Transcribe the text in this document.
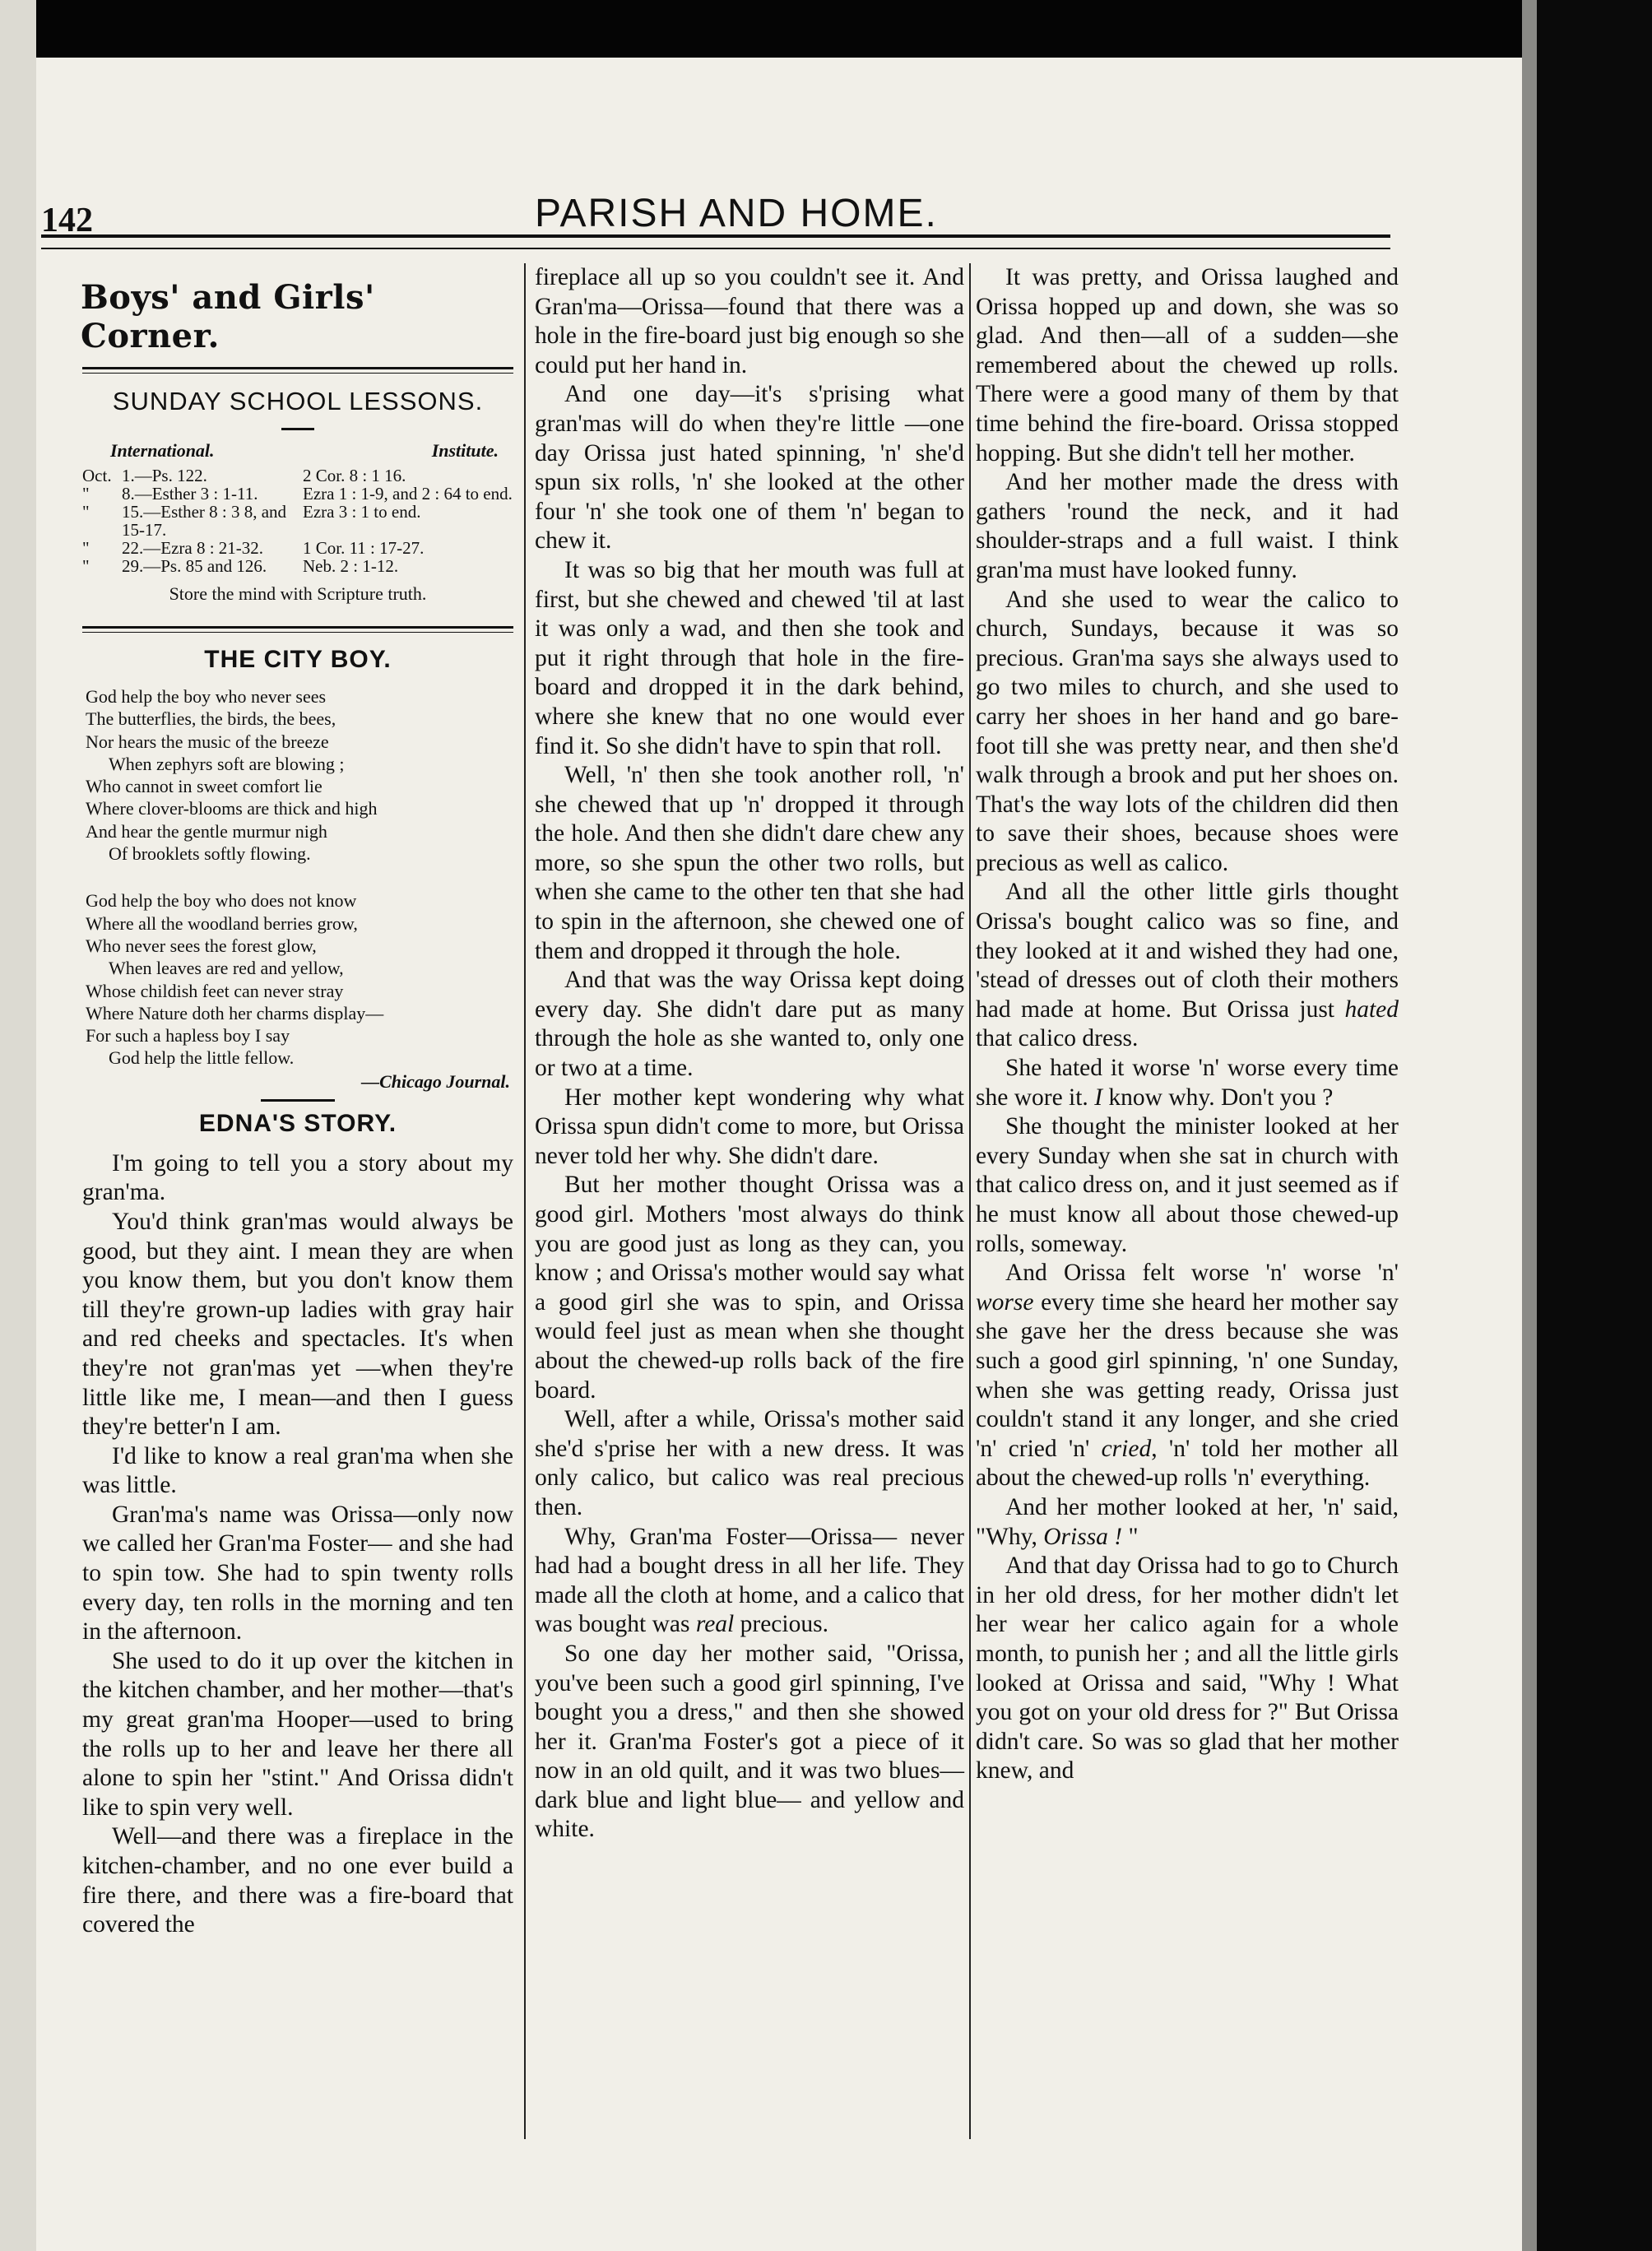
142	PARISH AND HOME.
Boys' and Girls' Corner.
SUNDAY SCHOOL LESSONS.
International.	Institute.
Oct.	1.—Ps. 122.	2 Cor. 8 : 1 16.
"	8.—Esther 3 : 1-11.	Ezra 1 : 1-9, and 2 : 64 to end.
"	15.—Esther 8 : 3 8, and 15-17.	Ezra 3 : 1 to end.
"	22.—Ezra 8 : 21-32.	1 Cor. 11 : 17-27.
"	29.—Ps. 85 and 126.	Neb. 2 : 1-12.
Store the mind with Scripture truth.
THE CITY BOY.
God help the boy who never sees
The butterflies, the birds, the bees,
Nor hears the music of the breeze
When zephyrs soft are blowing ;
Who cannot in sweet comfort lie
Where clover-blooms are thick and high
And hear the gentle murmur nigh
Of brooklets softly flowing.
God help the boy who does not know
Where all the woodland berries grow,
Who never sees the forest glow,
When leaves are red and yellow,
Whose childish feet can never stray
Where Nature doth her charms display—
For such a hapless boy I say
God help the little fellow.
—Chicago Journal.
EDNA'S STORY.

I'm going to tell you a story about my gran'ma.

You'd think gran'mas would always be good, but they aint. I mean they are when you know them, but you don't know them till they're grown-up ladies with gray hair and red cheeks and spectacles. It's when they're not gran'mas yet —when they're little like me, I mean—and then I guess they're better'n I am.

I'd like to know a real gran'ma when she was little.

Gran'ma's name was Orissa—only now we called her Gran'ma Foster— and she had to spin tow. She had to spin twenty rolls every day, ten rolls in the morning and ten in the afternoon.

She used to do it up over the kitchen in the kitchen chamber, and her mother—that's my great gran'ma Hooper—used to bring the rolls up to her and leave her there all alone to spin her "stint." And Orissa didn't like to spin very well.

Well—and there was a fireplace in the kitchen-chamber, and no one ever build a fire there, and there was a fire-board that covered the

fireplace all up so you couldn't see it. And Gran'ma—Orissa—found that there was a hole in the fire-board just big enough so she could put her hand in.

And one day—it's s'prising what gran'mas will do when they're little —one day Orissa just hated spinning, 'n' she'd spun six rolls, 'n' she looked at the other four 'n' she took one of them 'n' began to chew it.

It was so big that her mouth was full at first, but she chewed and chewed 'til at last it was only a wad, and then she took and put it right through that hole in the fire-board and dropped it in the dark behind, where she knew that no one would ever find it. So she didn't have to spin that roll.

Well, 'n' then she took another roll, 'n' she chewed that up 'n' dropped it through the hole. And then she didn't dare chew any more, so she spun the other two rolls, but when she came to the other ten that she had to spin in the afternoon, she chewed one of them and dropped it through the hole.

And that was the way Orissa kept doing every day. She didn't dare put as many through the hole as she wanted to, only one or two at a time.

Her mother kept wondering why what Orissa spun didn't come to more, but Orissa never told her why. She didn't dare.

But her mother thought Orissa was a good girl. Mothers 'most always do think you are good just as long as they can, you know ; and Orissa's mother would say what a good girl she was to spin, and Orissa would feel just as mean when she thought about the chewed-up rolls back of the fire board.

Well, after a while, Orissa's mother said she'd s'prise her with a new dress. It was only calico, but calico was real precious then.

Why, Gran'ma Foster—Orissa— never had had a bought dress in all her life. They made all the cloth at home, and a calico that was bought was real precious.

So one day her mother said, "Orissa, you've been such a good girl spinning, I've bought you a dress," and then she showed her it. Gran'ma Foster's got a piece of it now in an old quilt, and it was two blues—dark blue and light blue— and yellow and white.

It was pretty, and Orissa laughed and Orissa hopped up and down, she was so glad. And then—all of a sudden—she remembered about the chewed up rolls. There were a good many of them by that time behind the fire-board. Orissa stopped hopping. But she didn't tell her mother.

And her mother made the dress with gathers 'round the neck, and it had shoulder-straps and a full waist. I think gran'ma must have looked funny.

And she used to wear the calico to church, Sundays, because it was so precious. Gran'ma says she always used to go two miles to church, and she used to carry her shoes in her hand and go bare-foot till she was pretty near, and then she'd walk through a brook and put her shoes on. That's the way lots of the children did then to save their shoes, because shoes were precious as well as calico.

And all the other little girls thought Orissa's bought calico was so fine, and they looked at it and wished they had one, 'stead of dresses out of cloth their mothers had made at home. But Orissa just hated that calico dress.

She hated it worse 'n' worse every time she wore it. I know why. Don't you ?

She thought the minister looked at her every Sunday when she sat in church with that calico dress on, and it just seemed as if he must know all about those chewed-up rolls, someway.

And Orissa felt worse 'n' worse 'n' worse every time she heard her mother say she gave her the dress because she was such a good girl spinning, 'n' one Sunday, when she was getting ready, Orissa just couldn't stand it any longer, and she cried 'n' cried 'n' cried, 'n' told her mother all about the chewed-up rolls 'n' everything.

And her mother looked at her, 'n' said, "Why, Orissa ! "

And that day Orissa had to go to Church in her old dress, for her mother didn't let her wear her calico again for a whole month, to punish her ; and all the little girls looked at Orissa and said, "Why ! What you got on your old dress for ?" But Orissa didn't care. So was so glad that her mother knew, and
